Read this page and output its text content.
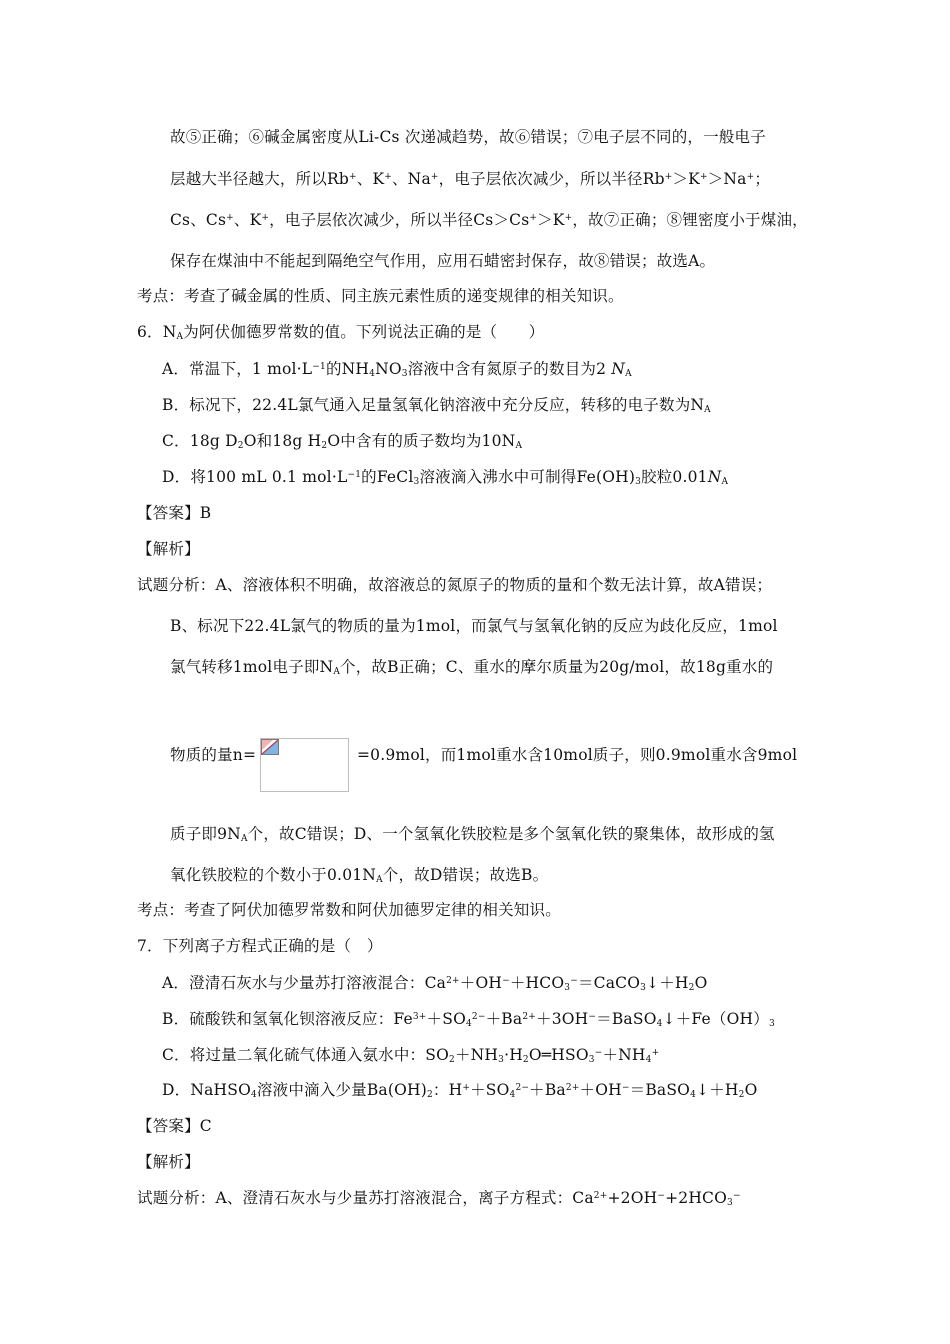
故⑤正确；⑥碱金属密度从Li-Cs 次递减趋势，故⑥错误；⑦电子层不同的，一般电子
层越大半径越大，所以Rb+、K+、Na+，电子层依次减少，所以半径Rb+＞K+＞Na+；
Cs、Cs+、K+，电子层依次减少，所以半径Cs＞Cs+＞K+，故⑦正确；⑧锂密度小于煤油，
保存在煤油中不能起到隔绝空气作用，应用石蜡密封保存，故⑧错误；故选A。
考点：考查了碱金属的性质、同主族元素性质的递变规律的相关知识。
6．$N_A$为阿伏伽德罗常数的值。下列说法正确的是（　　）
A．常温下，1 $mol\cdot L^{-1}$的$NH_4NO_3$溶液中含有氮原子的数目为2 $N_A$
B．标况下，22.4L氯气通入足量氢氧化钠溶液中充分反应，转移的电子数为$N_A$
C．18g $D_2O$和18g $H_2O$中含有的质子数均为$10N_A$
D．将100 mL 0.1 $mol\cdot L^{-1}$的FeCl$_3$溶液滴入沸水中可制得$Fe(OH)_3$胶粒$0.01N_A$
【答案】B
【解析】
试题分析：A、溶液体积不明确，故溶液总的氮原子的物质的量和个数无法计算，故A错误；
B、标况下22.4L氯气的物质的量为1mol，而氯气与氢氧化钠的反应为歧化反应，1mol
氯气转移1mol电子即$N_A$个，故B正确；C、重水的摩尔质量为20g/mol，故18g重水的
物质的量n=	=0.9mol，而1mol重水含10mol质子，则0.9mol重水含9mol
质子即$9N_A$个，故C错误；D、一个氢氧化铁胶粒是多个氢氧化铁的聚集体，故形成的氢
氧化铁胶粒的个数小于$0.01N_A$个，故D错误；故选B。
考点：考查了阿伏加德罗常数和阿伏加德罗定律的相关知识。
7．下列离子方程式正确的是（　）
A．澄清石灰水与少量苏打溶液混合：$Ca^{2+}+OH^-+HCO_3^-=CaCO_3↓+H_2O$
B．硫酸铁和氢氧化钡溶液反应：$Fe^{3+}+SO_4^{2-}+Ba^{2+}+3OH^-=BaSO_4↓+Fe(OH)_3$
C．将过量二氧化硫气体通入氨水中：$SO_2+NH_3\cdot H_2O═HSO_3^-+NH_4^+$
D．NaHSO$_4$溶液中滴入少量$Ba(OH)_2$：$H^++SO_4^{2-}+Ba^{2+}+OH^-=BaSO_4↓+H_2O$
【答案】C
【解析】
试题分析：A、澄清石灰水与少量苏打溶液混合，离子方程式：$Ca^{2+}+2OH^-+2HCO_3^-$
